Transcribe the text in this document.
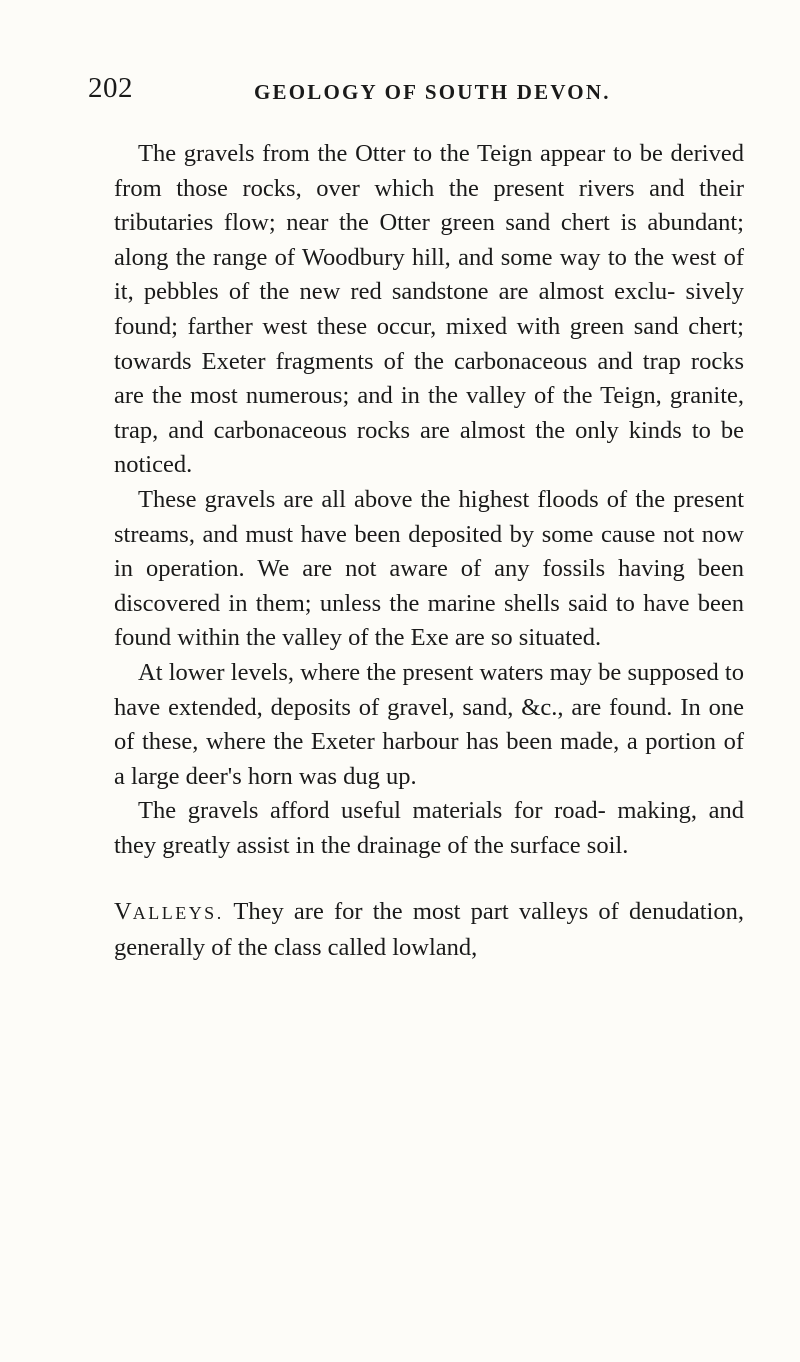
202	GEOLOGY OF SOUTH DEVON.

The gravels from the Otter to the Teign appear to be derived from those rocks, over which the present rivers and their tributaries flow; near the Otter green sand chert is abundant; along the range of Woodbury hill, and some way to the west of it, pebbles of the new red sandstone are almost exclu- sively found; farther west these occur, mixed with green sand chert; towards Exeter fragments of the carbonaceous and trap rocks are the most numerous; and in the valley of the Teign, granite, trap, and carbonaceous rocks are almost the only kinds to be noticed.

These gravels are all above the highest floods of the present streams, and must have been deposited by some cause not now in operation. We are not aware of any fossils having been discovered in them; unless the marine shells said to have been found within the valley of the Exe are so situated.

At lower levels, where the present waters may be supposed to have extended, deposits of gravel, sand, &c., are found. In one of these, where the Exeter harbour has been made, a portion of a large deer's horn was dug up.

The gravels afford useful materials for road- making, and they greatly assist in the drainage of the surface soil.

VALLEYS. They are for the most part valleys of denudation, generally of the class called lowland,
